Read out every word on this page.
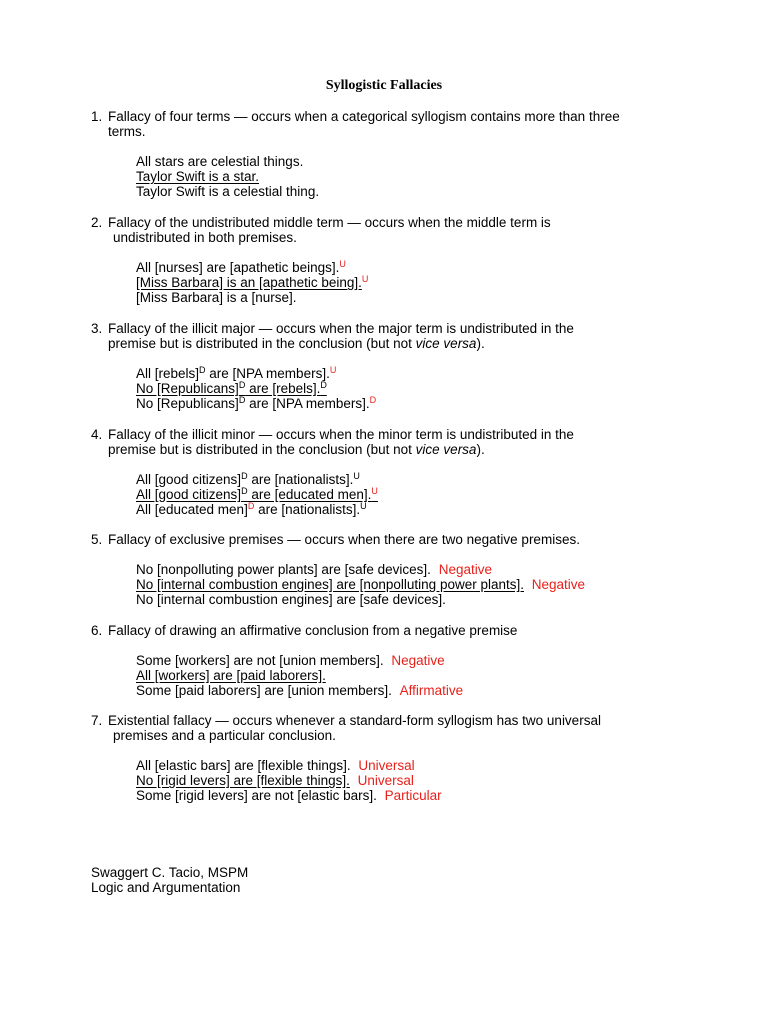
Syllogistic Fallacies
1. Fallacy of four terms — occurs when a categorical syllogism contains more than three
terms.
All stars are celestial things.
Taylor Swift is a star.
Taylor Swift is a celestial thing.
2. Fallacy of the undistributed middle term — occurs when the middle term is
undistributed in both premises.
All [nurses] are [apathetic beings].$^U$
[Miss Barbara] is an [apathetic being].$^U$
[Miss Barbara] is a [nurse].
3. Fallacy of the illicit major — occurs when the major term is undistributed in the
premise but is distributed in the conclusion (but not vice versa).
All [rebels]$^D$ are [NPA members].$^U$
No [Republicans]$^D$ are [rebels].$^D$
No [Republicans]$^D$ are [NPA members].$^D$
4. Fallacy of the illicit minor — occurs when the minor term is undistributed in the
premise but is distributed in the conclusion (but not vice versa).
All [good citizens]$^D$ are [nationalists].$^U$
All [good citizens]$^D$ are [educated men].$^U$
All [educated men]$^D$ are [nationalists].$^U$
5. Fallacy of exclusive premises — occurs when there are two negative premises.
No [nonpolluting power plants] are [safe devices]. Negative
No [internal combustion engines] are [nonpolluting power plants]. Negative
No [internal combustion engines] are [safe devices].
6. Fallacy of drawing an affirmative conclusion from a negative premise
Some [workers] are not [union members]. Negative
All [workers] are [paid laborers].
Some [paid laborers] are [union members]. Affirmative
7. Existential fallacy — occurs whenever a standard-form syllogism has two universal
premises and a particular conclusion.
All [elastic bars] are [flexible things]. Universal
No [rigid levers] are [flexible things]. Universal
Some [rigid levers] are not [elastic bars]. Particular
Swaggert C. Tacio, MSPM
Logic and Argumentation
